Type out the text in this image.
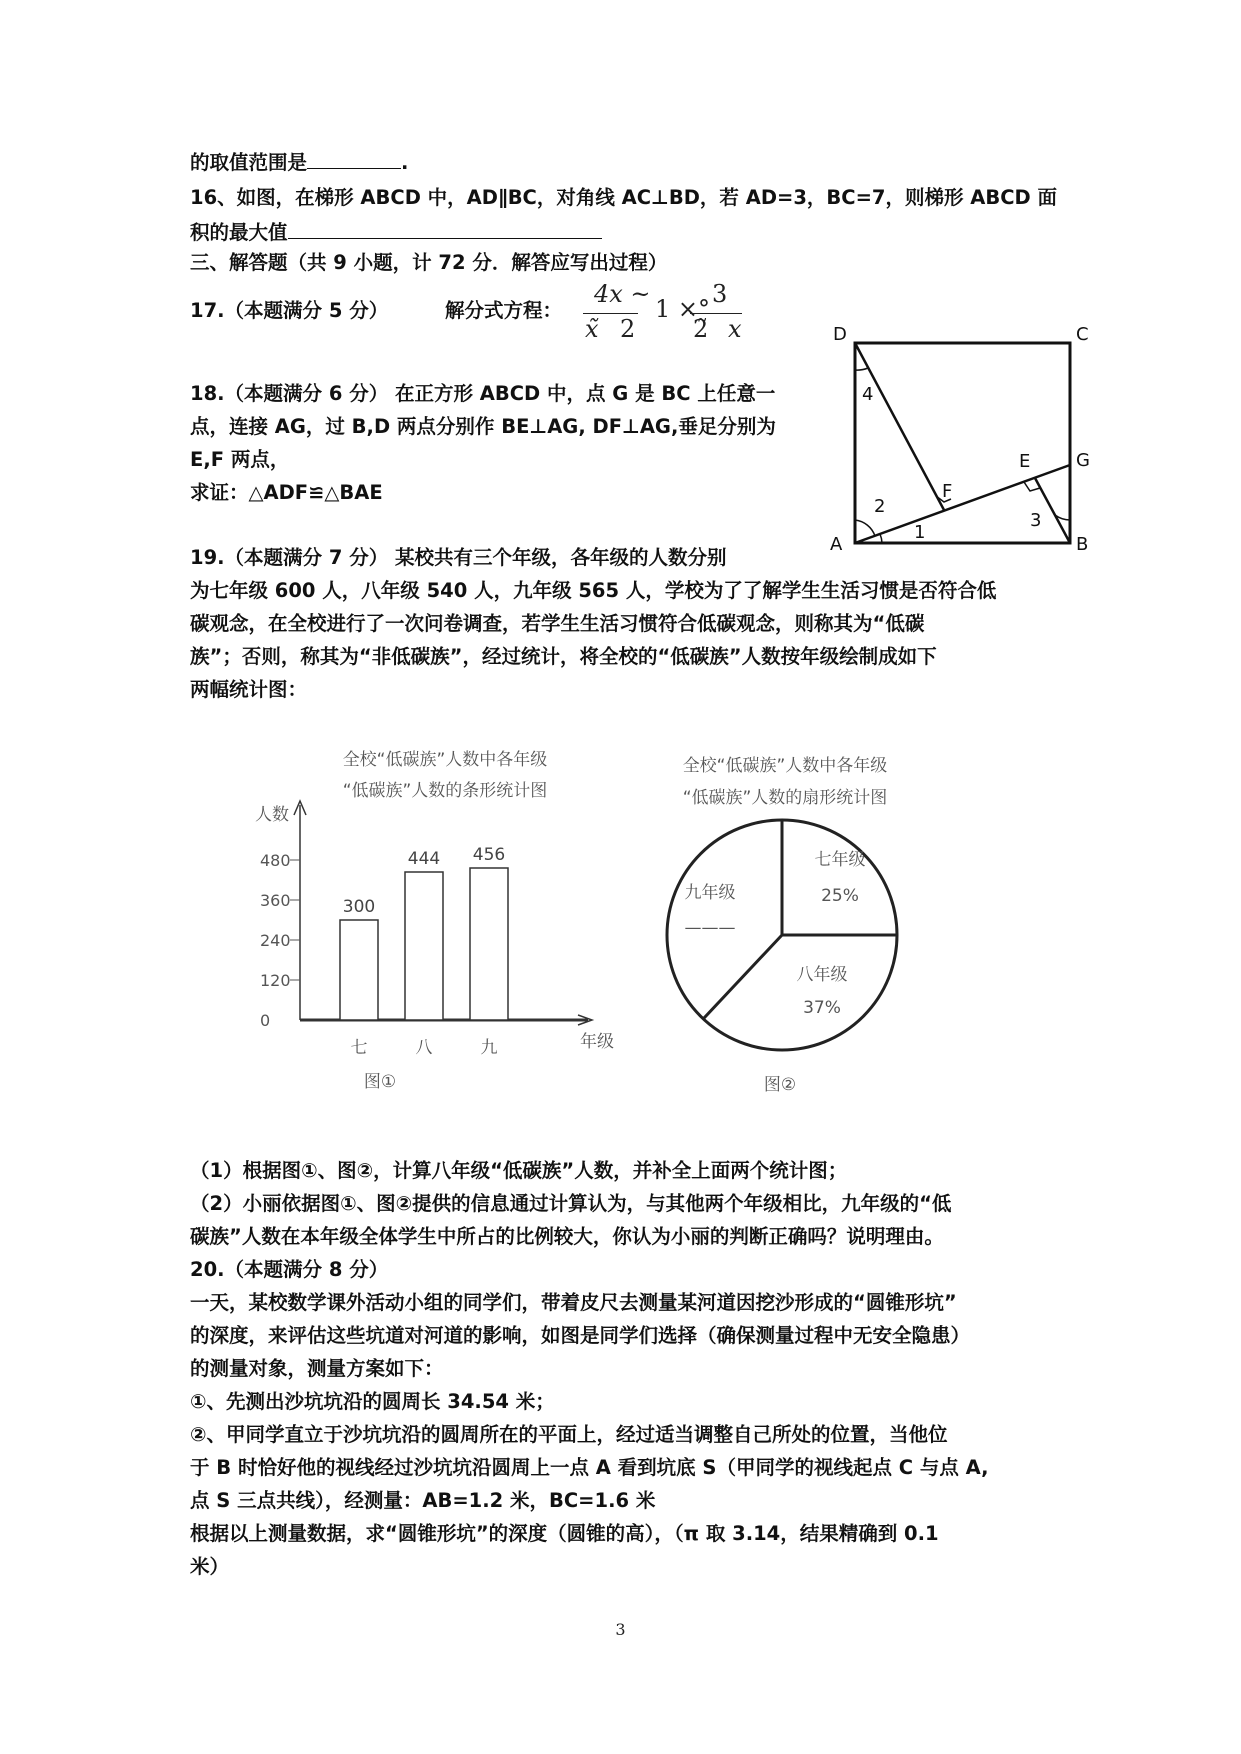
的取值范围是	.
16、如图，在梯形 ABCD 中，AD∥BC，对角线 AC⊥BD，若 AD=3，BC=7，则梯形 ABCD 面
积的最大值
三、解答题（共 9 小题，计 72 分．解答应写出过程）
17.（本题满分 5 分）	解分式方程：
4x ~
x̃ 2
1 ×°
3
2̃ x
18.（本题满分 6 分） 在正方形 ABCD 中，点 G 是 BC 上任意一
点，连接 AG，过 B,D 两点分别作 BE⊥AG, DF⊥AG,垂足分别为
E,F 两点，
求证：△ADF≌△BAE
D	C
G
E
F
A	B
1
2
3
4
19.（本题满分 7 分） 某校共有三个年级，各年级的人数分别
为七年级 600 人，八年级 540 人，九年级 565 人，学校为了了解学生生活习惯是否符合低
碳观念，在全校进行了一次问卷调查，若学生生活习惯符合低碳观念，则称其为“低碳
族”；否则，称其为“非低碳族”，经过统计，将全校的“低碳族”人数按年级绘制成如下
两幅统计图：
全校“低碳族”人数中各年级
“低碳族”人数的条形统计图
人数
年级
图①
0
120
240
360
480
300
七
444
八
456
九
全校“低碳族”人数中各年级
“低碳族”人数的扇形统计图
图②
七年级
25%
八年级
37%
九年级
———
（1）根据图①、图②，计算八年级“低碳族”人数，并补全上面两个统计图；
（2）小丽依据图①、图②提供的信息通过计算认为，与其他两个年级相比，九年级的“低
碳族”人数在本年级全体学生中所占的比例较大，你认为小丽的判断正确吗？说明理由。
20.（本题满分 8 分）
一天，某校数学课外活动小组的同学们，带着皮尺去测量某河道因挖沙形成的“圆锥形坑”
的深度，来评估这些坑道对河道的影响，如图是同学们选择（确保测量过程中无安全隐患）
的测量对象，测量方案如下：
①、先测出沙坑坑沿的圆周长 34.54 米；
②、甲同学直立于沙坑坑沿的圆周所在的平面上，经过适当调整自己所处的位置，当他位
于 B 时恰好他的视线经过沙坑坑沿圆周上一点 A 看到坑底 S（甲同学的视线起点 C 与点 A,
点 S 三点共线），经测量：AB=1.2 米，BC=1.6 米
根据以上测量数据，求“圆锥形坑”的深度（圆锥的高），（π 取 3.14，结果精确到 0.1
米）
3
